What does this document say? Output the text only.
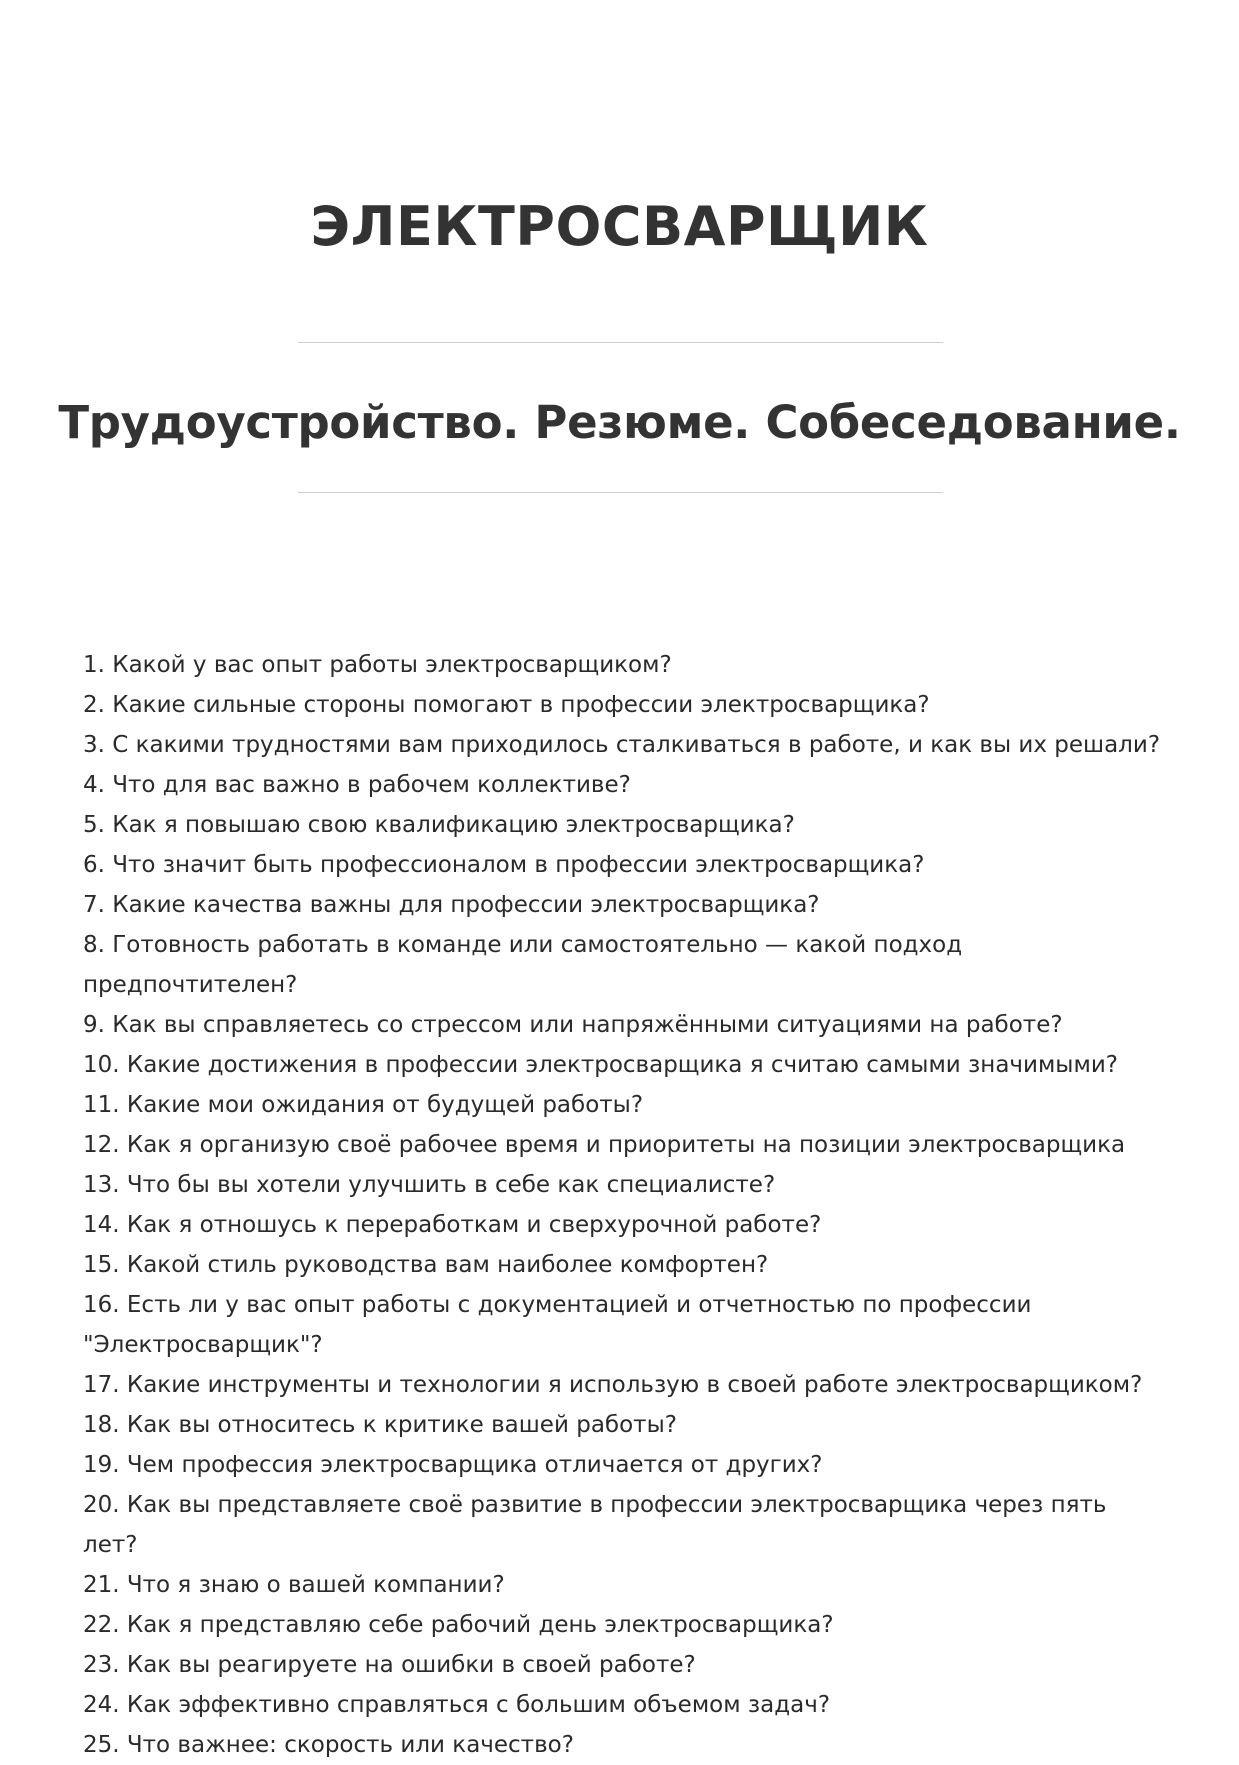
ЭЛЕКТРОСВАРЩИК
Трудоустройство. Резюме. Собеседование.
1. Какой у вас опыт работы электросварщиком?
2. Какие сильные стороны помогают в профессии электросварщика?
3. С какими трудностями вам приходилось сталкиваться в работе, и как вы их решали?
4. Что для вас важно в рабочем коллективе?
5. Как я повышаю свою квалификацию электросварщика?
6. Что значит быть профессионалом в профессии электросварщика?
7. Какие качества важны для профессии электросварщика?
8. Готовность работать в команде или самостоятельно — какой подход предпочтителен?
9. Как вы справляетесь со стрессом или напряжёнными ситуациями на работе?
10. Какие достижения в профессии электросварщика я считаю самыми значимыми?
11. Какие мои ожидания от будущей работы?
12. Как я организую своё рабочее время и приоритеты на позиции электросварщика
13. Что бы вы хотели улучшить в себе как специалисте?
14. Как я отношусь к переработкам и сверхурочной работе?
15. Какой стиль руководства вам наиболее комфортен?
16. Есть ли у вас опыт работы с документацией и отчетностью по профессии "Электросварщик"?
17. Какие инструменты и технологии я использую в своей работе электросварщиком?
18. Как вы относитесь к критике вашей работы?
19. Чем профессия электросварщика отличается от других?
20. Как вы представляете своё развитие в профессии электросварщика через пять лет?
21. Что я знаю о вашей компании?
22. Как я представляю себе рабочий день электросварщика?
23. Как вы реагируете на ошибки в своей работе?
24. Как эффективно справляться с большим объемом задач?
25. Что важнее: скорость или качество?
